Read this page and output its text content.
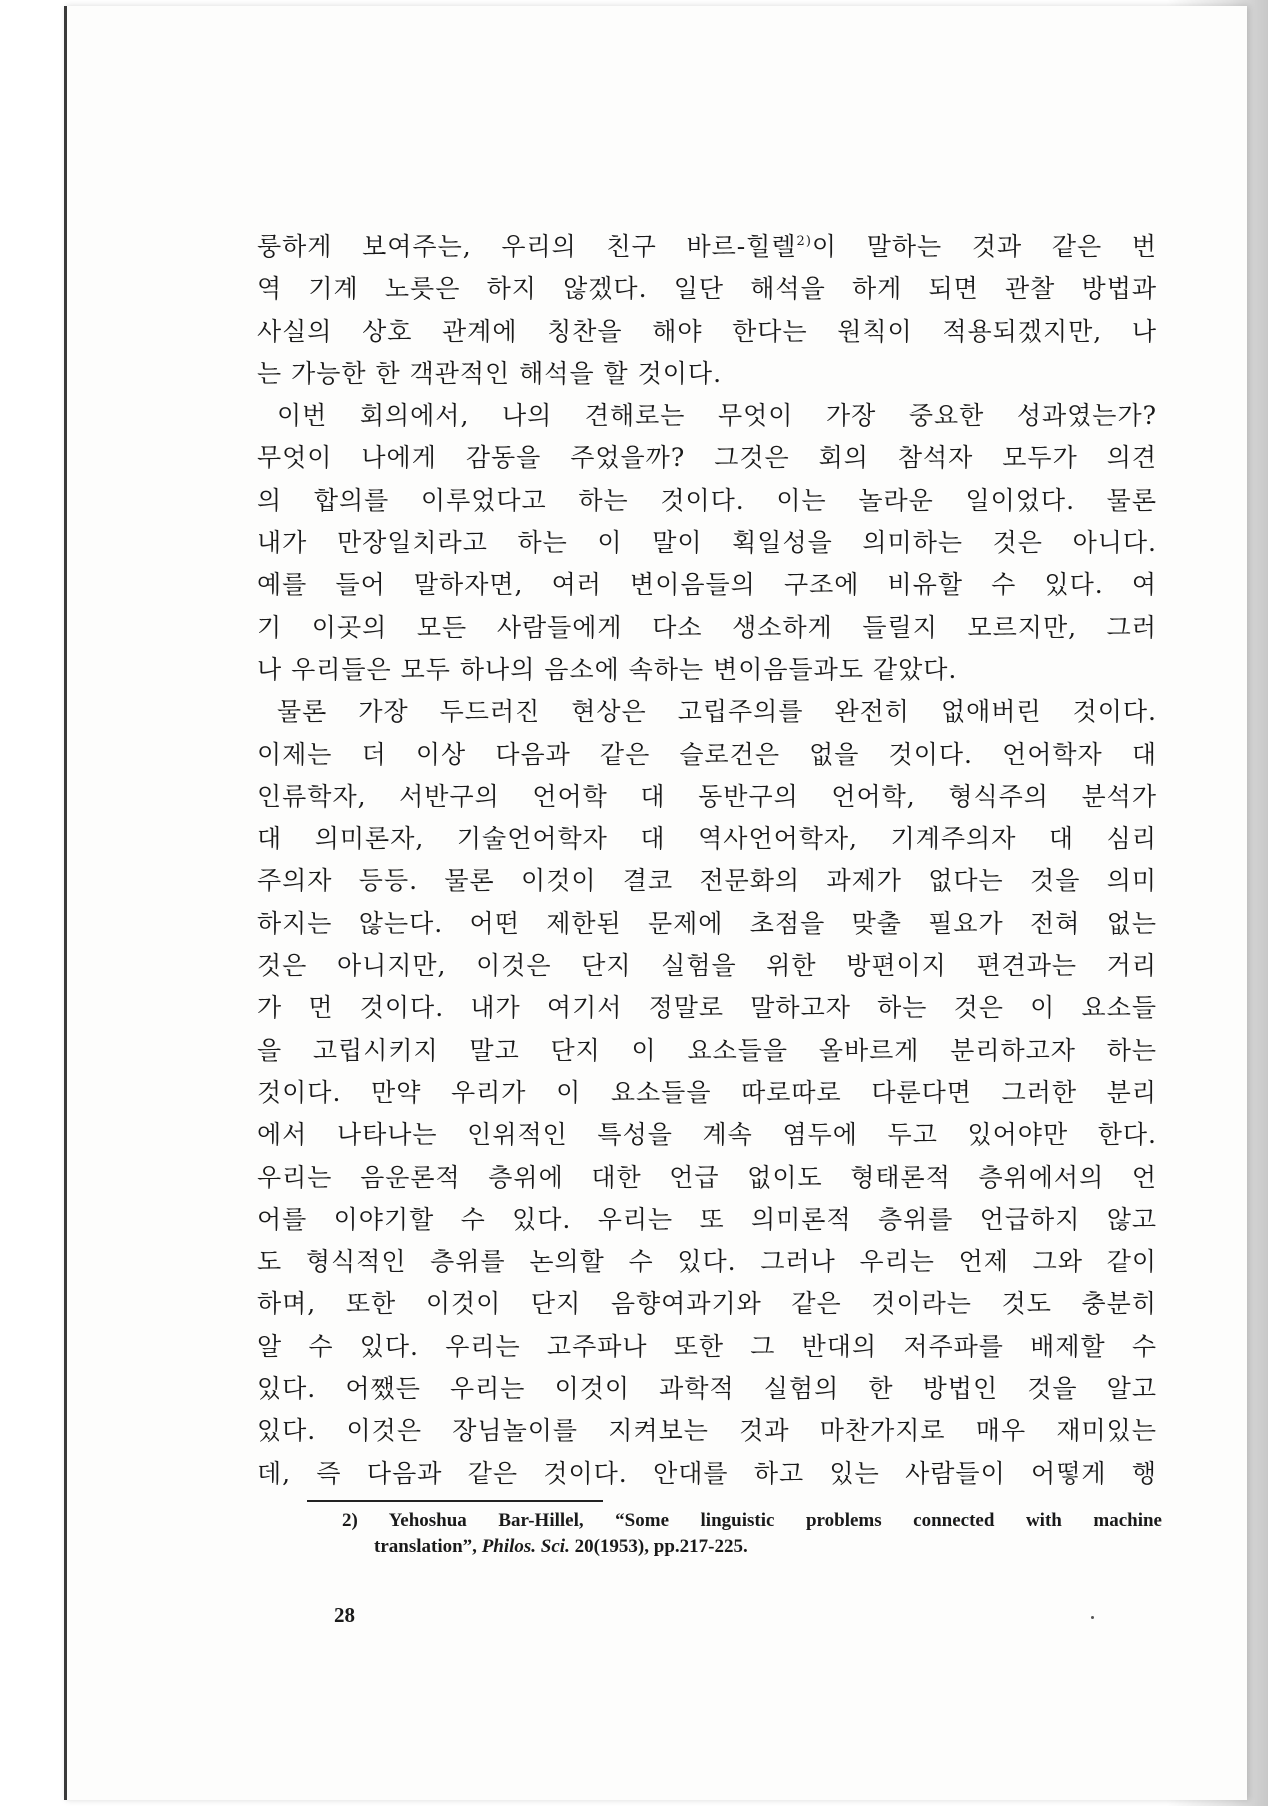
룽하게 보여주는, 우리의 친구 바르-힐렐$^{2)}$이 말하는 것과 같은 번
역 기계 노릇은 하지 않겠다. 일단 해석을 하게 되면 관찰 방법과
사실의 상호 관계에 칭찬을 해야 한다는 원칙이 적용되겠지만, 나
는 가능한 한 객관적인 해석을 할 것이다.
이번 회의에서, 나의 견해로는 무엇이 가장 중요한 성과였는가?
무엇이 나에게 감동을 주었을까? 그것은 회의 참석자 모두가 의견
의 합의를 이루었다고 하는 것이다. 이는 놀라운 일이었다. 물론
내가 만장일치라고 하는 이 말이 획일성을 의미하는 것은 아니다.
예를 들어 말하자면, 여러 변이음들의 구조에 비유할 수 있다. 여
기 이곳의 모든 사람들에게 다소 생소하게 들릴지 모르지만, 그러
나 우리들은 모두 하나의 음소에 속하는 변이음들과도 같았다.
물론 가장 두드러진 현상은 고립주의를 완전히 없애버린 것이다.
이제는 더 이상 다음과 같은 슬로건은 없을 것이다. 언어학자 대
인류학자, 서반구의 언어학 대 동반구의 언어학, 형식주의 분석가
대 의미론자, 기술언어학자 대 역사언어학자, 기계주의자 대 심리
주의자 등등. 물론 이것이 결코 전문화의 과제가 없다는 것을 의미
하지는 않는다. 어떤 제한된 문제에 초점을 맞출 필요가 전혀 없는
것은 아니지만, 이것은 단지 실험을 위한 방편이지 편견과는 거리
가 먼 것이다. 내가 여기서 정말로 말하고자 하는 것은 이 요소들
을 고립시키지 말고 단지 이 요소들을 올바르게 분리하고자 하는
것이다. 만약 우리가 이 요소들을 따로따로 다룬다면 그러한 분리
에서 나타나는 인위적인 특성을 계속 염두에 두고 있어야만 한다.
우리는 음운론적 층위에 대한 언급 없이도 형태론적 층위에서의 언
어를 이야기할 수 있다. 우리는 또 의미론적 층위를 언급하지 않고
도 형식적인 층위를 논의할 수 있다. 그러나 우리는 언제 그와 같이
하며, 또한 이것이 단지 음향여과기와 같은 것이라는 것도 충분히
알 수 있다. 우리는 고주파나 또한 그 반대의 저주파를 배제할 수
있다. 어쨌든 우리는 이것이 과학적 실험의 한 방법인 것을 알고
있다. 이것은 장님놀이를 지켜보는 것과 마찬가지로 매우 재미있는
데, 즉 다음과 같은 것이다. 안대를 하고 있는 사람들이 어떻게 행
2) Yehoshua Bar-Hillel, “Some linguistic problems connected with machine
translation”, Philos. Sci. 20(1953), pp.217-225.
28
